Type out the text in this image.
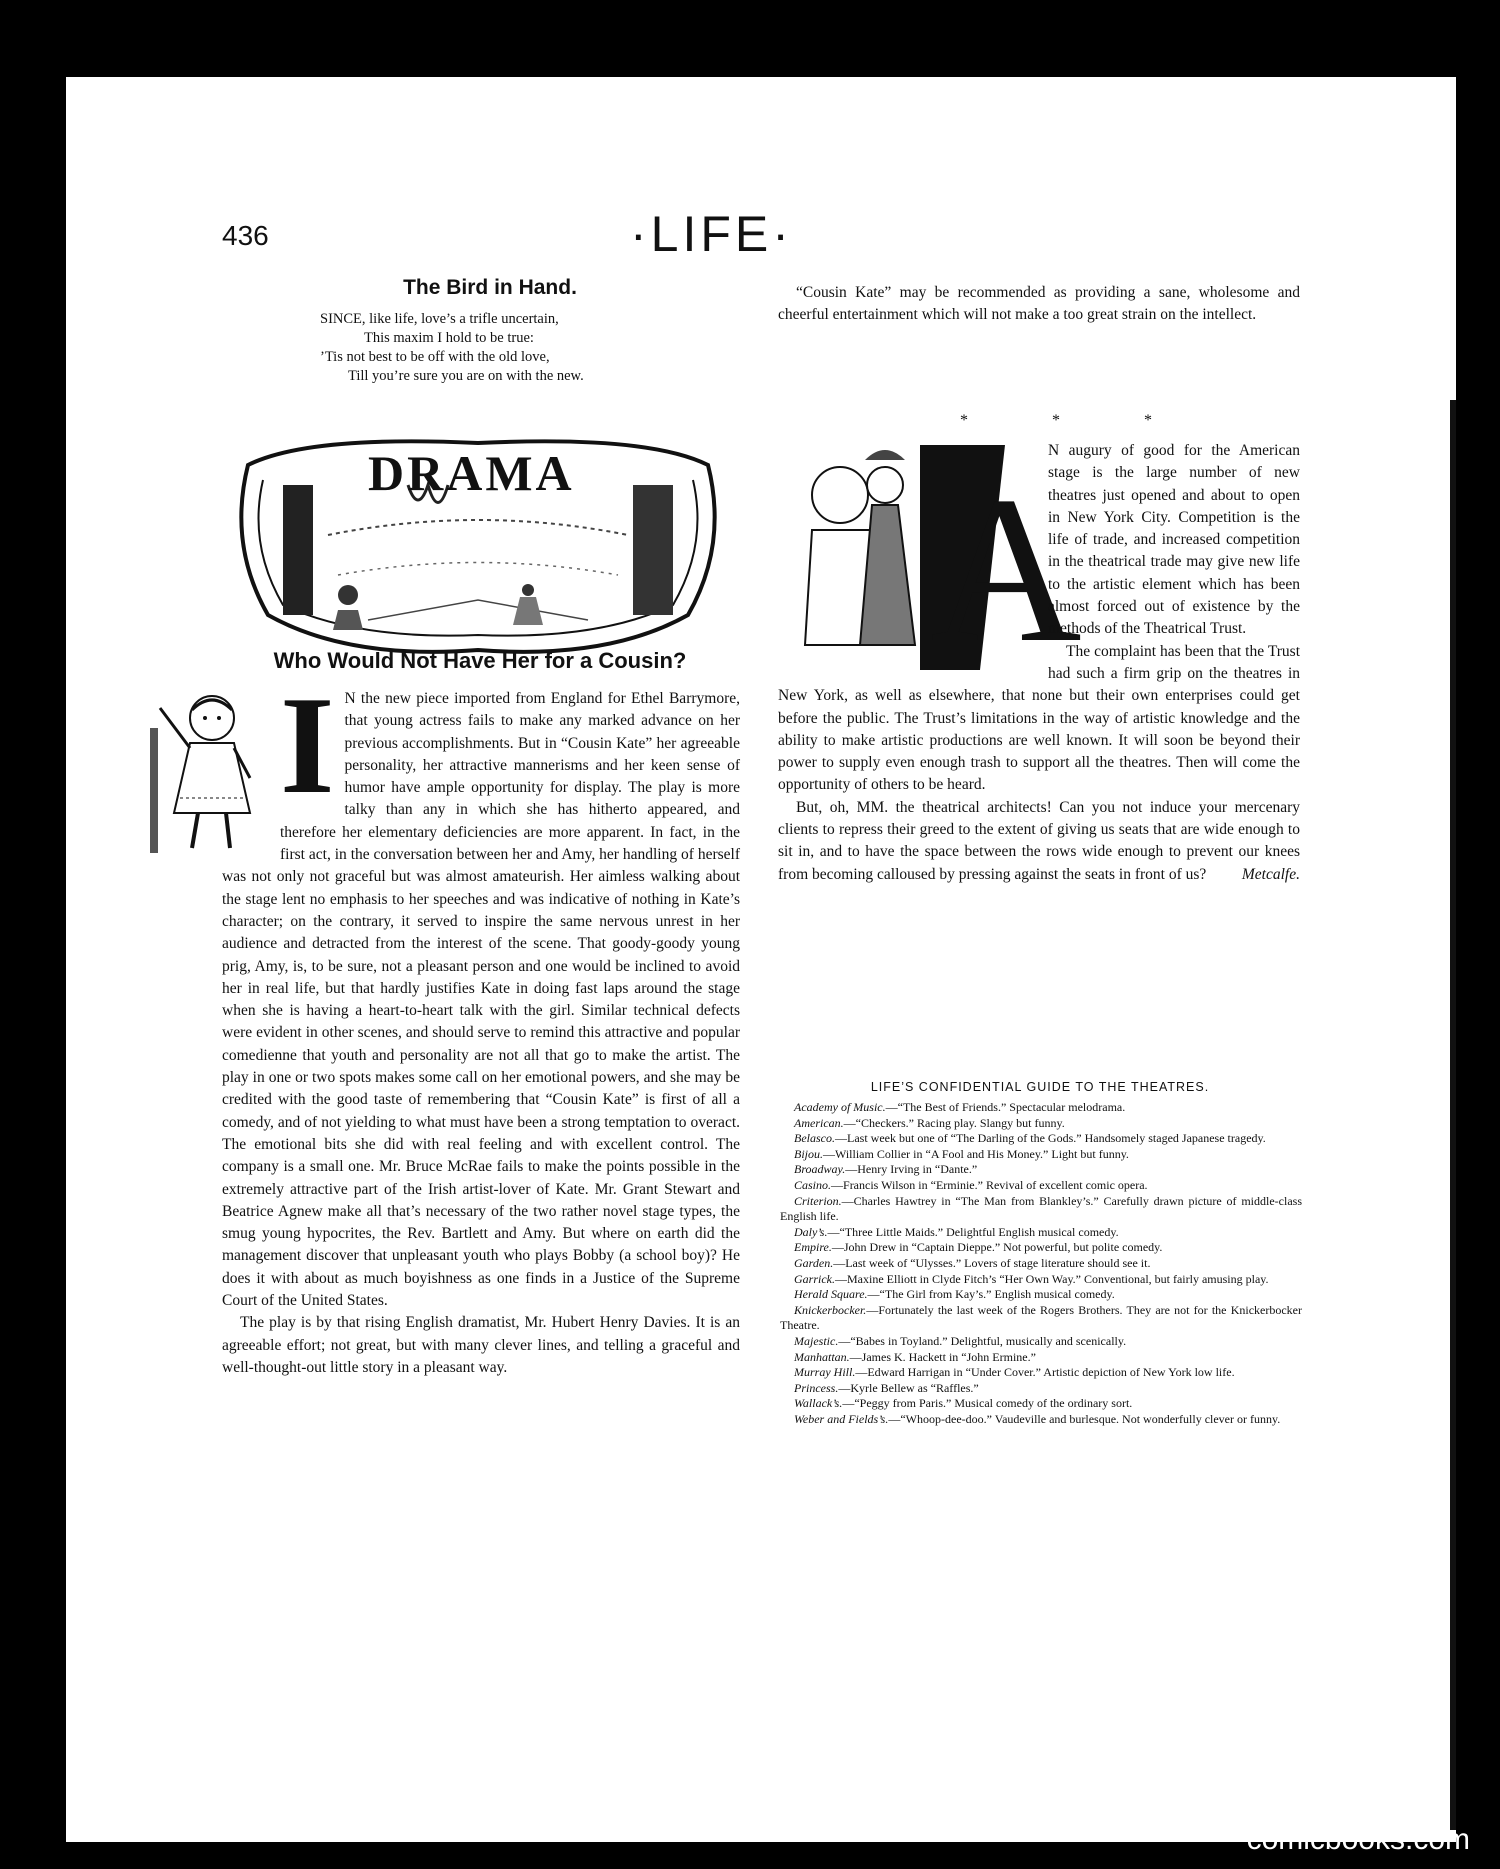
436	·LIFE·
The Bird in Hand.
SINCE, like life, love’s a trifle uncertain,
This maxim I hold to be true:
’Tis not best to be off with the old love,
Till you’re sure you are on with the new.
DRAMA
Who Would Not Have Her for a Cousin?
I N the new piece imported from England for Ethel Barrymore, that young actress fails to make any marked advance on her previous accomplishments. But in “Cousin Kate” her agreeable personality, her attractive mannerisms and her keen sense of humor have ample opportunity for display. The play is more talky than any in which she has hitherto appeared, and therefore her elementary deficiencies are more apparent. In fact, in the first act, in the conversation between her and Amy, her handling of herself was not only not graceful but was almost amateurish. Her aimless walking about the stage lent no emphasis to her speeches and was indicative of nothing in Kate’s character; on the contrary, it served to inspire the same nervous unrest in her audience and detracted from the interest of the scene. That goody-goody young prig, Amy, is, to be sure, not a pleasant person and one would be inclined to avoid her in real life, but that hardly justifies Kate in doing fast laps around the stage when she is having a heart-to-heart talk with the girl. Similar technical defects were evident in other scenes, and should serve to remind this attractive and popular comedienne that youth and personality are not all that go to make the artist. The play in one or two spots makes some call on her emotional powers, and she may be credited with the good taste of remembering that “Cousin Kate” is first of all a comedy, and of not yielding to what must have been a strong temptation to overact. The emotional bits she did with real feeling and with excellent control. The company is a small one. Mr. Bruce McRae fails to make the points possible in the extremely attractive part of the Irish artist-lover of Kate. Mr. Grant Stewart and Beatrice Agnew make all that’s necessary of the two rather novel stage types, the smug young hypocrites, the Rev. Bartlett and Amy. But where on earth did the management discover that unpleasant youth who plays Bobby (a school boy)? He does it with about as much boyishness as one finds in a Justice of the Supreme Court of the United States.

The play is by that rising English dramatist, Mr. Hubert Henry Davies. It is an agreeable effort; not great, but with many clever lines, and telling a graceful and well-thought-out little story in a pleasant way.

“Cousin Kate” may be recommended as providing a sane, wholesome and cheerful entertainment which will not make a too great strain on the intellect.

* * *
A

N augury of good for the American stage is the large number of new theatres just opened and about to open in New York City. Competition is the life of trade, and increased competition in the theatrical trade may give new life to the artistic element which has been almost forced out of existence by the methods of the Theatrical Trust.

The complaint has been that the Trust had such a firm grip on the theatres in New York, as well as elsewhere, that none but their own enterprises could get before the public. The Trust’s limitations in the way of artistic knowledge and the ability to make artistic productions are well known. It will soon be beyond their power to supply even enough trash to support all the theatres. Then will come the opportunity of others to be heard.

But, oh, MM. the theatrical architects! Can you not induce your mercenary clients to repress their greed to the extent of giving us seats that are wide enough to sit in, and to have the space between the rows wide enough to prevent our knees from becoming calloused by pressing against the seats in front of us?	Metcalfe.

LIFE’S CONFIDENTIAL GUIDE TO THE THEATRES.

Academy of Music.—“The Best of Friends.” Spectacular melodrama.

American.—“Checkers.” Racing play. Slangy but funny.

Belasco.—Last week but one of “The Darling of the Gods.” Handsomely staged Japanese tragedy.

Bijou.—William Collier in “A Fool and His Money.” Light but funny.

Broadway.—Henry Irving in “Dante.”

Casino.—Francis Wilson in “Erminie.” Revival of excellent comic opera.

Criterion.—Charles Hawtrey in “The Man from Blankley’s.” Carefully drawn picture of middle-class English life.

Daly’s.—“Three Little Maids.” Delightful English musical comedy.

Empire.—John Drew in “Captain Dieppe.” Not powerful, but polite comedy.

Garden.—Last week of “Ulysses.” Lovers of stage literature should see it.

Garrick.—Maxine Elliott in Clyde Fitch’s “Her Own Way.” Conventional, but fairly amusing play.

Herald Square.—“The Girl from Kay’s.” English musical comedy.

Knickerbocker.—Fortunately the last week of the Rogers Brothers. They are not for the Knickerbocker Theatre.

Majestic.—“Babes in Toyland.” Delightful, musically and scenically.

Manhattan.—James K. Hackett in “John Ermine.”

Murray Hill.—Edward Harrigan in “Under Cover.” Artistic depiction of New York low life.

Princess.—Kyrle Bellew as “Raffles.”

Wallack’s.—“Peggy from Paris.” Musical comedy of the ordinary sort.

Weber and Fields’s.—“Whoop-dee-doo.” Vaudeville and burlesque. Not wonderfully clever or funny.

comicbooks.com
